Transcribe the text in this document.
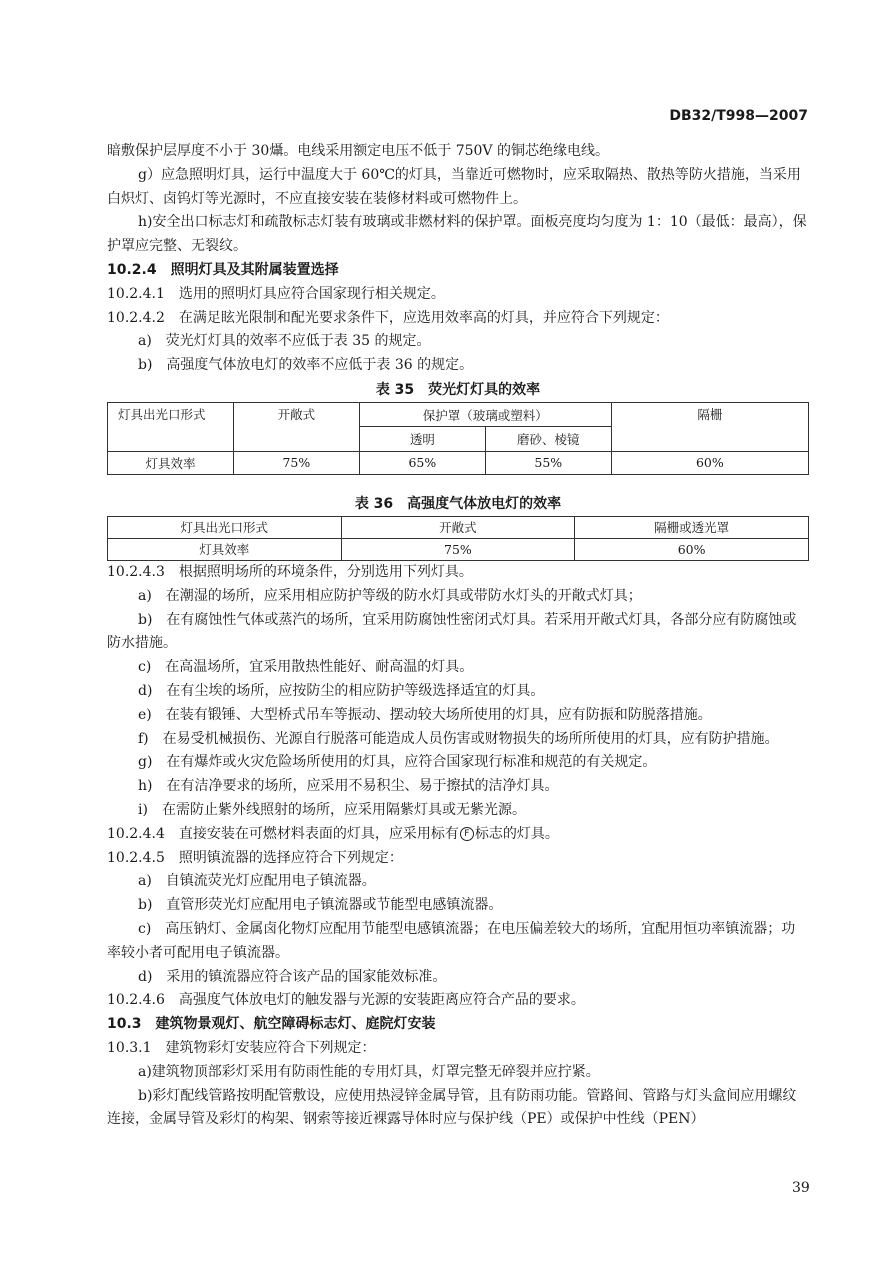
DB32/T998—2007

暗敷保护层厚度不小于 30㸎。电线采用额定电压不低于 750V 的铜芯绝缘电线。

g）应急照明灯具，运行中温度大于 60℃的灯具，当靠近可燃物时，应采取隔热、散热等防火措施，当采用白炽灯、卤钨灯等光源时，不应直接安装在装修材料或可燃物件上。

h)安全出口标志灯和疏散标志灯装有玻璃或非燃材料的保护罩。面板亮度均匀度为 1：10（最低：最高），保护罩应完整、无裂纹。

10.2.4　照明灯具及其附属装置选择

10.2.4.1　选用的照明灯具应符合国家现行相关规定。

10.2.4.2　在满足眩光限制和配光要求条件下，应选用效率高的灯具，并应符合下列规定：

a)　荧光灯灯具的效率不应低于表 35 的规定。

b)　高强度气体放电灯的效率不应低于表 36 的规定。

表 35　荧光灯灯具的效率

灯具出光口形式	开敞式	保护罩（玻璃或塑料）		隔栅
		透明	磨砂、棱镜	
灯具效率	75%	65%	55%	60%

表 36　高强度气体放电灯的效率

灯具出光口形式	开敞式	隔栅或透光罩
灯具效率	75%	60%

10.2.4.3　根据照明场所的环境条件，分别选用下列灯具。

a)　在潮湿的场所，应采用相应防护等级的防水灯具或带防水灯头的开敞式灯具；

b)　在有腐蚀性气体或蒸汽的场所，宜采用防腐蚀性密闭式灯具。若采用开敞式灯具，各部分应有防腐蚀或防水措施。

c)　在高温场所，宜采用散热性能好、耐高温的灯具。

d)　在有尘埃的场所，应按防尘的相应防护等级选择适宜的灯具。

e)　在装有锻锤、大型桥式吊车等振动、摆动较大场所使用的灯具，应有防振和防脱落措施。

f)　在易受机械损伤、光源自行脱落可能造成人员伤害或财物损失的场所所使用的灯具，应有防护措施。

g)　在有爆炸或火灾危险场所使用的灯具，应符合国家现行标准和规范的有关规定。

h)　在有洁净要求的场所，应采用不易积尘、易于擦拭的洁净灯具。

i)　在需防止紫外线照射的场所，应采用隔紫灯具或无紫光源。

10.2.4.4　直接安装在可燃材料表面的灯具，应采用标有 F 标志的灯具。

10.2.4.5　照明镇流器的选择应符合下列规定：

a)　自镇流荧光灯应配用电子镇流器。

b)　直管形荧光灯应配用电子镇流器或节能型电感镇流器。

c)　高压钠灯、金属卤化物灯应配用节能型电感镇流器；在电压偏差较大的场所，宜配用恒功率镇流器；功率较小者可配用电子镇流器。

d)　采用的镇流器应符合该产品的国家能效标准。

10.2.4.6　高强度气体放电灯的触发器与光源的安装距离应符合产品的要求。

10.3　建筑物景观灯、航空障碍标志灯、庭院灯安装

10.3.1　建筑物彩灯安装应符合下列规定：

a)建筑物顶部彩灯采用有防雨性能的专用灯具，灯罩完整无碎裂并应拧紧。

b)彩灯配线管路按明配管敷设，应使用热浸锌金属导管，且有防雨功能。管路间、管路与灯头盒间应用螺纹连接，金属导管及彩灯的构架、钢索等接近裸露导体时应与保护线（PE）或保护中性线（PEN）

39
